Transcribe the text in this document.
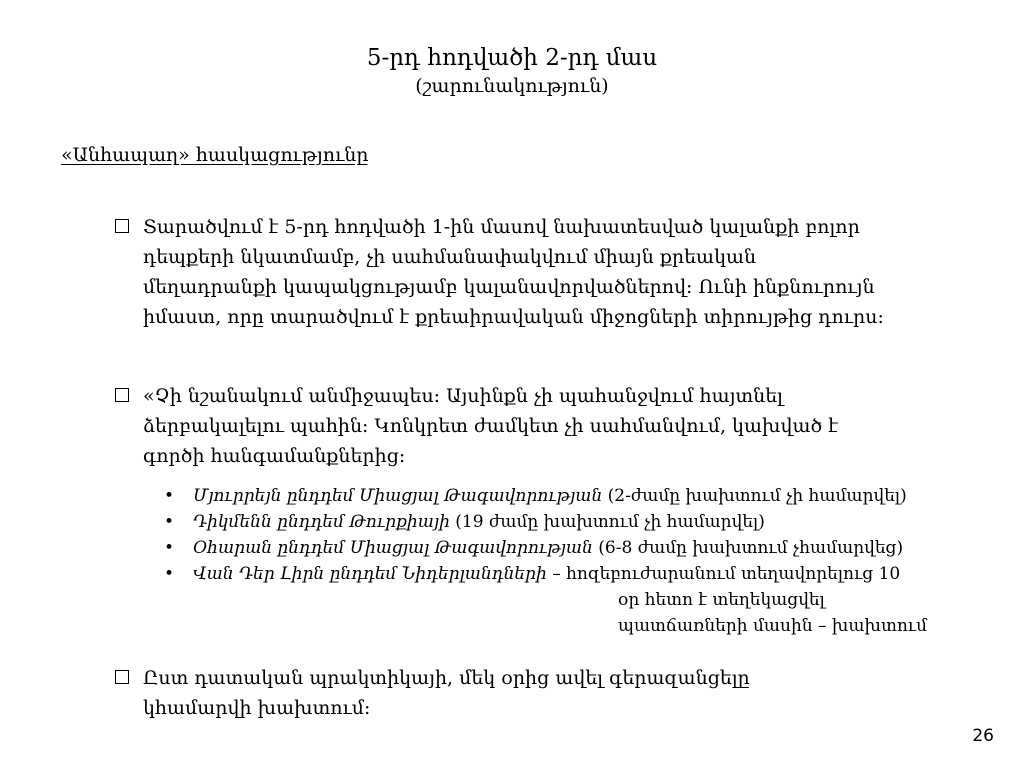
5-րդ հոդվածի 2-րդ մաս
(շարունակություն)
«Անհապաղ» հասկացությունը
Տարածվում է 5-րդ հոդվածի 1-ին մասով նախատեսված կալանքի բոլոր
դեպքերի նկատմամբ, չի սահմանափակվում միայն քրեական
մեղադրանքի կապակցությամբ կալանավորվածներով: Ունի ինքնուրույն
իմաստ, որը տարածվում է քրեաիրավական միջոցների տիրույթից դուրս:
«Չի նշանակում անմիջապես: Այսինքն չի պահանջվում հայտնել
ձերբակալելու պահին: Կոնկրետ ժամկետ չի սահմանվում, կախված է
գործի հանգամանքներից:
• Մյուրրեյն ընդդեմ Միացյալ Թագավորության (2-ժամը խախտում չի համարվել)
• Դիկմենն ընդդեմ Թուրքիայի (19 ժամը խախտում չի համարվել)
• Օհարան ընդդեմ Միացյալ Թագավորության (6-8 ժամը խախտում չհամարվեց)
• Վան Դեր Լիրն ընդդեմ Նիդերլանդների – հոզեբուժարանում տեղավորելուց 10
օր հետո է տեղեկացվել
պատճառների մասին – խախտում
Ըստ դատական պրակտիկայի, մեկ օրից ավել գերազանցելը
կհամարվի խախտում:
26
